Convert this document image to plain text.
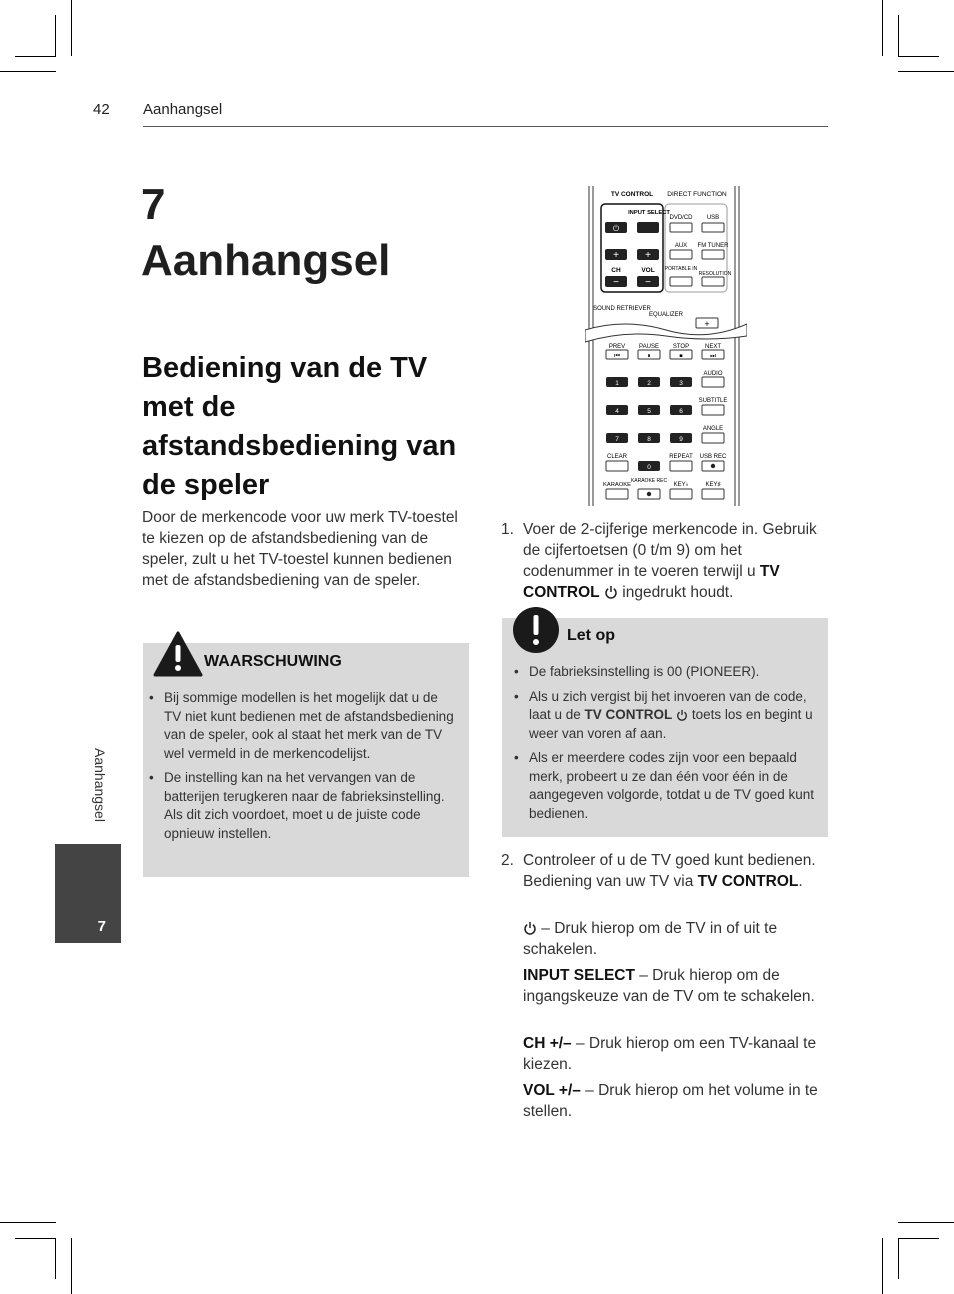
42 Aanhangsel
7
Aanhangsel
Bediening van de TV met de afstandsbediening van de speler
Door de merkencode voor uw merk TV-toestel te kiezen op de afstandsbediening van de speler, zult u het TV-toestel kunnen bedienen met de afstandsbediening van de speler.
WAARSCHUWING
• Bij sommige modellen is het mogelijk dat u de TV niet kunt bedienen met de afstandsbediening van de speler, ook al staat het merk van de TV wel vermeld in de merkencodelijst.
• De instelling kan na het vervangen van de batterijen terugkeren naar de fabrieksinstelling. Als dit zich voordoet, moet u de juiste code opnieuw instellen.
Aanhangsel
7
TV CONTROL DIRECT FUNCTION
INPUT SELECT
DVD/CD USB
⏻
AUX FM TUNER
+	+
CH	VOL PORTABLE IN
RESOLUTION
−	−
SOUND RETRIEVER
EQUALIZER
+
PREV PAUSE STOP	NEXT
⏮	⏸	⏹	⏭
AUDIO
1	2	3
SUBTITLE
4	5	6
ANGLE
7	8	9
CLEAR	REPEAT USB REC
0
KARAOKE
KARAOKE REC
KEY♭	KEY♯
1. Voer de 2-cijferige merkencode in. Gebruik de cijfertoetsen (0 t/m 9) om het codenummer in te voeren terwijl u TV CONTROL  ingedrukt houdt.
Let op
• De fabrieksinstelling is 00 (PIONEER).
• Als u zich vergist bij het invoeren van de code, laat u de TV CONTROL  toets los en begint u weer van voren af aan.
• Als er meerdere codes zijn voor een bepaald merk, probeert u ze dan één voor één in de aangegeven volgorde, totdat u de TV goed kunt bedienen.
2. Controleer of u de TV goed kunt bedienen.
Bediening van uw TV via TV CONTROL.
– Druk hierop om de TV in of uit te schakelen.
INPUT SELECT – Druk hierop om de ingangskeuze van de TV om te schakelen.
CH +/– – Druk hierop om een TV-kanaal te kiezen.
VOL +/– – Druk hierop om het volume in te stellen.
